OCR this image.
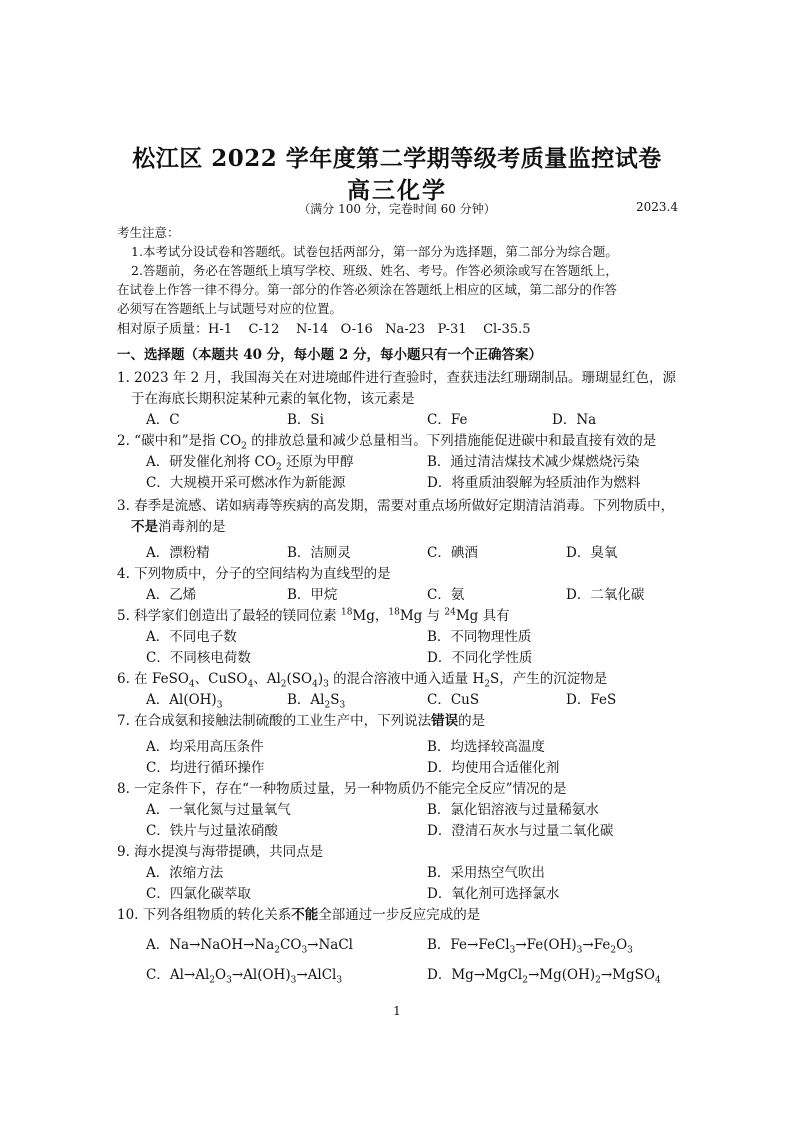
松江区 2022 学年度第二学期等级考质量监控试卷
高三化学
（满分 100 分，完卷时间 60 分钟）	2023.4
考生注意：
1.本考试分设试卷和答题纸。试卷包括两部分，第一部分为选择题，第二部分为综合题。
2.答题前，务必在答题纸上填写学校、班级、姓名、考号。作答必须涂或写在答题纸上，
在试卷上作答一律不得分。第一部分的作答必须涂在答题纸上相应的区域，第二部分的作答
必须写在答题纸上与试题号对应的位置。
相对原子质量：H-1    C-12    N-14   O-16   Na-23   P-31    Cl-35.5
一、选择题（本题共 40 分，每小题 2 分，每小题只有一个正确答案）
1. 2023 年 2 月，我国海关在对进境邮件进行查验时，查获违法红珊瑚制品。珊瑚显红色，源
于在海底长期积淀某种元素的氧化物，该元素是
A．C	B．Si	C．Fe	D．Na
2. “碳中和”是指 $CO_2$ 的排放总量和减少总量相当。下列措施能促进碳中和最直接有效的是
A．研发催化剂将 $CO_2$ 还原为甲醇	B．通过清洁煤技术减少煤燃烧污染
C．大规模开采可燃冰作为新能源	D．将重质油裂解为轻质油作为燃料
3. 春季是流感、诺如病毒等疾病的高发期，需要对重点场所做好定期清洁消毒。下列物质中，
不是消毒剂的是
A．漂粉精	B．洁厕灵	C．碘酒	D．臭氧
4. 下列物质中，分子的空间结构为直线型的是
A．乙烯	B．甲烷	C．氨	D．二氧化碳
5. 科学家们创造出了最轻的镁同位素 $^{18}$Mg，$^{18}$Mg 与 $^{24}$Mg 具有
A．不同电子数	B．不同物理性质
C．不同核电荷数	D．不同化学性质
6. 在 FeSO$_4$、CuSO$_4$、$Al_2(SO_4)_3$ 的混合溶液中通入适量 $H_2S$，产生的沉淀物是
A．$Al(OH)_3$	B．$Al_2S_3$	C．CuS	D．FeS
7. 在合成氨和接触法制硫酸的工业生产中，下列说法错误的是
A．均采用高压条件	B．均选择较高温度
C．均进行循环操作	D．均使用合适催化剂
8. 一定条件下，存在“一种物质过量，另一种物质仍不能完全反应”情况的是
A．一氧化氮与过量氧气	B．氯化铝溶液与过量稀氨水
C．铁片与过量浓硝酸	D．澄清石灰水与过量二氧化碳
9. 海水提溴与海带提碘，共同点是
A．浓缩方法	B．采用热空气吹出
C．四氯化碳萃取	D．氧化剂可选择氯水
10. 下列各组物质的转化关系不能全部通过一步反应完成的是
A．$Na\to NaOH\to Na_2CO_3\to NaCl$	B．$Fe\to FeCl_3\to Fe(OH)_3\to Fe_2O_3$
C．$Al\to Al_2O_3\to Al(OH)_3\to AlCl_3$	D．$Mg\to MgCl_2\to Mg(OH)_2\to MgSO_4$
1
